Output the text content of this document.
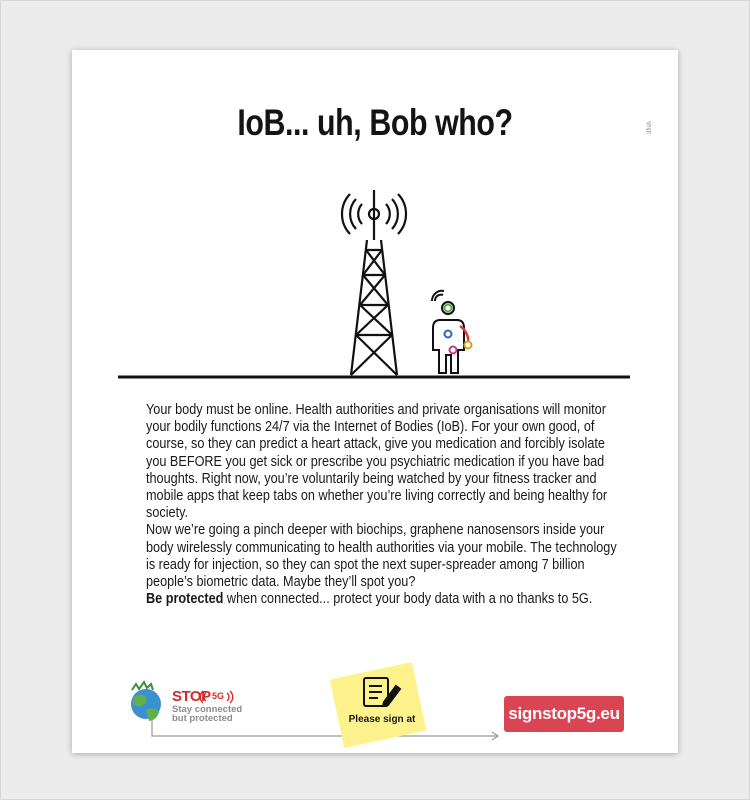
IoB... uh, Bob who?	3fish

Your body must be online. Health authorities and private organisations will monitor

your bodily functions 24/7 via the Internet of Bodies (IoB). For your own good, of

course, so they can predict a heart attack, give you medication and forcibly isolate

you BEFORE you get sick or prescribe you psychiatric medication if you have bad

thoughts. Right now, you’re voluntarily being watched by your fitness tracker and

mobile apps that keep tabs on whether you’re living correctly and being healthy for

society.

Now we’re going a pinch deeper with biochips, graphene nanosensors inside your

body wirelessly communicating to health authorities via your mobile. The technology

is ready for injection, so they can spot the next super-spreader among 7 billion

people’s biometric data. Maybe they’ll spot you?

Be protected when connected... protect your body data with a no thanks to 5G.

STOP 5G
Stay connected
but protected	Please sign at	signstop5g.eu
